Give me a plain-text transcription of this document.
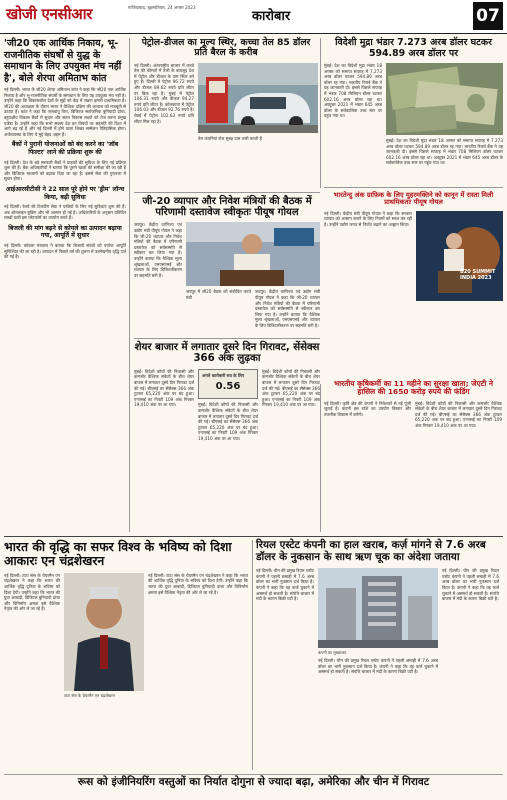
खोजी एनसीआर	गाजियाबाद, बृहस्पतिवार, 24 अगस्त 2023
कारोबार	07
'जी20 एक आर्थिक निकाय, भू-राजनीतिक संघर्षों से युद्ध के समाधान के लिए उपयुक्त मंच नहीं है', बोले शेरपा अमिताभ कांत
नई दिल्ली। भारत के जी20 शेरपा अमिताभ कांत ने कहा कि जी20 एक आर्थिक निकाय है और भू-राजनीतिक संघर्षों के समाधान के लिए यह उपयुक्त मंच नहीं है। उन्होंने कहा कि विकासशील देशों के मुद्दों को केंद्र में रखना हमारी प्राथमिकता है। जी20 की अध्यक्षता के दौरान भारत ने वैश्विक दक्षिण की आवाज को मजबूती से उठाया है। कांत ने कहा कि जलवायु वित्त, डिजिटल सार्वजनिक बुनियादी ढांचा, बहुपक्षीय विकास बैंकों में सुधार और सतत विकास लक्ष्यों को तेज करना प्रमुख एजेंडा है। उन्होंने कहा कि सभी सदस्य देश इन विषयों पर सहमति की दिशा में आगे बढ़ रहे हैं और नई दिल्ली में होने वाला शिखर सम्मेलन ऐतिहासिक होगा। अर्थव्यवस्था के लिए ये मुद्दे बेहद अहम हैं।
बैंकों ने पुरानी योजनाओं को बंद करने का 'जॉब फिल्टर' लाने की प्रक्रिया शुरू की
नई दिल्ली। देश के बड़े सरकारी बैंकों ने ग्राहकों की सुविधा के लिए नई प्रक्रिया शुरू की है। बैंक अधिकारियों ने बताया कि पुराने खातों की समीक्षा की जा रही है और डिजिटल माध्यमों को बढ़ावा दिया जा रहा है। इससे सेवा की गुणवत्ता में सुधार होगा।
आईआरसीटीसी ने 22 साल पूरे होने पर 'ड्रीम' लॉन्च किया, बढ़ी सुविधा
नई दिल्ली। रेलवे की टिकटिंग सेवा ने यात्रियों के लिए नई सुविधाएं शुरू की हैं। अब ऑनलाइन बुकिंग और भी आसान हो गई है। अधिकारियों के अनुसार प्रतिदिन लाखों यात्री इस प्लेटफॉर्म का उपयोग करते हैं।
बिजली की मांग बढ़ने से कोयले का उत्पादन बढ़ाया गया, आपूर्ति में सुधार
नई दिल्ली। कोयला मंत्रालय ने बताया कि बिजली संयंत्रों को पर्याप्त आपूर्ति सुनिश्चित की जा रही है। उत्पादन में पिछले वर्ष की तुलना में उल्लेखनीय वृद्धि दर्ज की गई है।
पेट्रोल-डीजल का मूल्य स्थिर, कच्चा तेल 85 डॉलर प्रति बैरल के करीब
नई दिल्ली। अंतरराष्ट्रीय बाजार में कच्चे तेल की कीमतों में तेजी के बावजूद देश में पेट्रोल और डीजल के दाम स्थिर बने हुए हैं। दिल्ली में पेट्रोल 96.72 रुपये और डीजल 89.62 रुपये प्रति लीटर पर बिक रहा है। मुंबई में पेट्रोल 106.31 रुपये और डीजल 94.27 रुपये प्रति लीटर है। कोलकाता में पेट्रोल 106.03 और डीजल 92.76 रुपये है। चेन्नई में पेट्रोल 102.63 रुपये प्रति लीटर मिल रहा है।
तेल कंपनियां रोज सुबह दाम जारी करती हैं
विदेशी मुद्रा भंडार 7.273 अरब डॉलर घटकर 594.89 अरब डॉलर पर
मुंबई। देश का विदेशी मुद्रा भंडार 18 अगस्त को समाप्त सप्ताह में 7.273 अरब डॉलर घटकर 594.89 अरब डॉलर रह गया। भारतीय रिजर्व बैंक ने यह जानकारी दी। इससे पिछले सप्ताह में भंडार 708 मिलियन डॉलर घटकर 602.16 अरब डॉलर रहा था। अक्टूबर 2021 में भंडार 645 अरब डॉलर के सर्वकालिक उच्च स्तर पर पहुंच गया था।
मुंबई। देश का विदेशी मुद्रा भंडार 18 अगस्त को समाप्त सप्ताह में 7.273 अरब डॉलर घटकर 594.89 अरब डॉलर रह गया। भारतीय रिजर्व बैंक ने यह जानकारी दी। इससे पिछले सप्ताह में भंडार 708 मिलियन डॉलर घटकर 602.16 अरब डॉलर रहा था। अक्टूबर 2021 में भंडार 645 अरब डॉलर के सर्वकालिक उच्च स्तर पर पहुंच गया था।
भारतेन्दु अंक ग्राफ़िक के लिए मुहरमक्तिने को कानून में रास्ता मिली प्राथमिकताः पीयूष गोयल
नई दिल्ली। केंद्रीय मंत्री पीयूष गोयल ने कहा कि सरकार व्यापार को आसान बनाने के लिए नियमों को सरल कर रही है। उन्होंने उद्योग जगत से निर्यात बढ़ाने का आह्वान किया।
B20 SUMMIT INDIA 2023
जी-20 व्यापार और निवेश मंत्रियों की बैठक में परिणामी दस्तावेज स्वीकृतः पीयूष गोयल
जयपुर। केंद्रीय वाणिज्य एवं उद्योग मंत्री पीयूष गोयल ने कहा कि जी-20 व्यापार और निवेश मंत्रियों की बैठक में परिणामी दस्तावेज को सर्वसम्मति से स्वीकार कर लिया गया है। उन्होंने बताया कि वैश्विक मूल्य श्रृंखलाओं, एमएसएमई और व्यापार के लिए डिजिटलीकरण पर सहमति बनी है।
जयपुर में जी20 बैठक को संबोधित करते मंत्री
जयपुर। केंद्रीय वाणिज्य एवं उद्योग मंत्री पीयूष गोयल ने कहा कि जी-20 व्यापार और निवेश मंत्रियों की बैठक में परिणामी दस्तावेज को सर्वसम्मति से स्वीकार कर लिया गया है। उन्होंने बताया कि वैश्विक मूल्य श्रृंखलाओं, एमएसएमई और व्यापार के लिए डिजिटलीकरण पर सहमति बनी है।
शेयर बाजार में लगातार दूसरे दिन गिरावट, सेंसेक्स 366 अंक लुढ़का
मुंबई। विदेशी कोषों की निकासी और कमजोर वैश्विक संकेतों के बीच शेयर बाजार में लगातार दूसरे दिन गिरावट दर्ज की गई। बीएसई का सेंसेक्स 366 अंक टूटकर 65,220 अंक पर बंद हुआ। एनएसई का निफ्टी 109 अंक गिरकर 19,410 अंक पर आ गया।
अगले कारोबारी सत्र के लिए
0.56
मुंबई। विदेशी कोषों की निकासी और कमजोर वैश्विक संकेतों के बीच शेयर बाजार में लगातार दूसरे दिन गिरावट दर्ज की गई। बीएसई का सेंसेक्स 366 अंक टूटकर 65,220 अंक पर बंद हुआ। एनएसई का निफ्टी 109 अंक गिरकर 19,410 अंक पर आ गया।
मुंबई। विदेशी कोषों की निकासी और कमजोर वैश्विक संकेतों के बीच शेयर बाजार में लगातार दूसरे दिन गिरावट दर्ज की गई। बीएसई का सेंसेक्स 366 अंक टूटकर 65,220 अंक पर बंद हुआ। एनएसई का निफ्टी 109 अंक गिरकर 19,410 अंक पर आ गया।
भारतीय कृषिकर्मी का 11 महीने का सुरक्षा खाता; जेएटी ने हासिल की 1650 करोड़ रुपये की फंडिंग
नई दिल्ली। कृषि क्षेत्र की कंपनी ने निवेशकों से नई पूंजी जुटाई है। कंपनी इस राशि का उपयोग विस्तार और तकनीक विकास में करेगी।
मुंबई। विदेशी कोषों की निकासी और कमजोर वैश्विक संकेतों के बीच शेयर बाजार में लगातार दूसरे दिन गिरावट दर्ज की गई। बीएसई का सेंसेक्स 366 अंक टूटकर 65,220 अंक पर बंद हुआ। एनएसई का निफ्टी 109 अंक गिरकर 19,410 अंक पर आ गया।
भारत की वृद्धि का सफर विश्व के भविष्य को दिशा आकारः एन चंद्रशेखरन
नई दिल्ली। टाटा संस के चेयरमैन एन चंद्रशेखरन ने कहा कि भारत की आर्थिक वृद्धि दुनिया के भविष्य को दिशा देगी। उन्होंने कहा कि भारत की युवा आबादी, डिजिटल बुनियादी ढांचा और विनिर्माण क्षमता इसे वैश्विक नेतृत्व की ओर ले जा रहे हैं।
टाटा संस के चेयरमैन एन चंद्रशेखरन
नई दिल्ली। टाटा संस के चेयरमैन एन चंद्रशेखरन ने कहा कि भारत की आर्थिक वृद्धि दुनिया के भविष्य को दिशा देगी। उन्होंने कहा कि भारत की युवा आबादी, डिजिटल बुनियादी ढांचा और विनिर्माण क्षमता इसे वैश्विक नेतृत्व की ओर ले जा रहे हैं।
रियल एस्टेट कंपनी का हाल खराब, कर्ज़ मांगने से 7.6 अरब डॉलर के नुकसान के साथ ऋण चूक का अंदेशा जताया
नई दिल्ली। चीन की प्रमुख रियल एस्टेट कंपनी ने पहली छमाही में 7.6 अरब डॉलर का भारी नुकसान दर्ज किया है। कंपनी ने कहा कि वह कर्ज चुकाने में असमर्थ हो सकती है। संपत्ति बाजार में मंदी के कारण बिक्री घटी है।
कंपनी का मुख्यालय
नई दिल्ली। चीन की प्रमुख रियल एस्टेट कंपनी ने पहली छमाही में 7.6 अरब डॉलर का भारी नुकसान दर्ज किया है। कंपनी ने कहा कि वह कर्ज चुकाने में असमर्थ हो सकती है। संपत्ति बाजार में मंदी के कारण बिक्री घटी है।
नई दिल्ली। चीन की प्रमुख रियल एस्टेट कंपनी ने पहली छमाही में 7.6 अरब डॉलर का भारी नुकसान दर्ज किया है। कंपनी ने कहा कि वह कर्ज चुकाने में असमर्थ हो सकती है। संपत्ति बाजार में मंदी के कारण बिक्री घटी है।
रूस को इंजीनियरिंग वस्तुओं का निर्यात दोगुना से ज्यादा बढ़ा, अमेरिका और चीन में गिरावट
